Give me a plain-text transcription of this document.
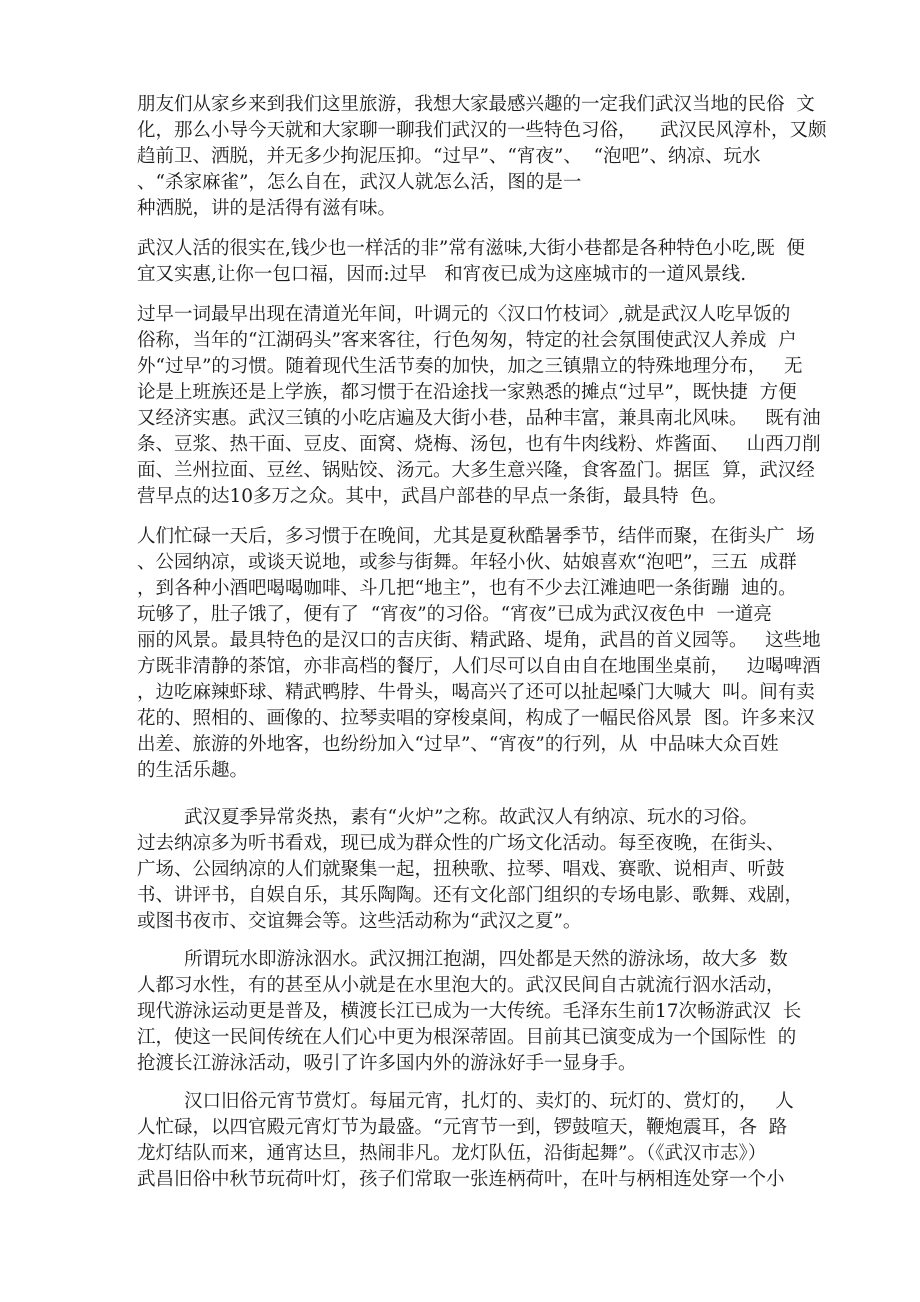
朋友们从家乡来到我们这里旅游，我想大家最感兴趣的一定我们武汉当地的民俗  文
化，那么小导今天就和大家聊一聊我们武汉的一些特色习俗，    武汉民风淳朴，又颇
趋前卫、洒脱，并无多少拘泥压抑。“过早”、“宵夜”、  “泡吧”、纳凉、玩水
、“杀家麻雀”，怎么自在，武汉人就怎么活，图的是一
种洒脱，讲的是活得有滋有味。
武汉人活的很实在,钱少也一样活的非”常有滋味,大街小巷都是各种特色小吃,既  便
宜又实惠,让你一包口福，因而:过早   和宵夜已成为这座城市的一道风景线.
过早一词最早出现在清道光年间，叶调元的〈汉口竹枝词〉,就是武汉人吃早饭的
俗称，当年的“江湖码头”客来客往，行色匆匆，特定的社会氛围使武汉人养成  户
外“过早”的习惯。随着现代生活节奏的加快，加之三镇鼎立的特殊地理分布，   无
论是上班族还是上学族，都习惯于在沿途找一家熟悉的摊点“过早”，既快捷  方便
又经济实惠。武汉三镇的小吃店遍及大街小巷，品种丰富，兼具南北风味。   既有油
条、豆浆、热干面、豆皮、面窝、烧梅、汤包，也有牛肉线粉、炸酱面、   山西刀削
面、兰州拉面、豆丝、锅贴饺、汤元。大多生意兴隆，食客盈门。据匡  算，武汉经
营早点的达10多万之众。其中，武昌户部巷的早点一条街，最具特  色。
人们忙碌一天后，多习惯于在晚间，尤其是夏秋酷暑季节，结伴而聚，在街头广  场
、公园纳凉，或谈天说地，或参与街舞。年轻小伙、姑娘喜欢“泡吧”，三五  成群
，到各种小酒吧喝喝咖啡、斗几把“地主”，也有不少去江滩迪吧一条街蹦  迪的。
玩够了，肚子饿了，便有了  “宵夜”的习俗。“宵夜”已成为武汉夜色中  一道亮
丽的风景。最具特色的是汉口的吉庆街、精武路、堤角，武昌的首义园等。   这些地
方既非清静的茶馆，亦非高档的餐厅，人们尽可以自由自在地围坐桌前，   边喝啤酒
，边吃麻辣虾球、精武鸭脖、牛骨头，喝高兴了还可以扯起嗓门大喊大  叫。间有卖
花的、照相的、画像的、拉琴卖唱的穿梭桌间，构成了一幅民俗风景  图。许多来汉
出差、旅游的外地客，也纷纷加入“过早”、“宵夜”的行列，从  中品味大众百姓
的生活乐趣。
武汉夏季异常炎热，素有“火炉”之称。故武汉人有纳凉、玩水的习俗。
过去纳凉多为听书看戏，现已成为群众性的广场文化活动。每至夜晚，在街头、
广场、公园纳凉的人们就聚集一起，扭秧歌、拉琴、唱戏、赛歌、说相声、听鼓
书、讲评书，自娱自乐，其乐陶陶。还有文化部门组织的专场电影、歌舞、戏剧，
或图书夜市、交谊舞会等。这些活动称为“武汉之夏”。
所谓玩水即游泳泅水。武汉拥江抱湖，四处都是天然的游泳场，故大多  数
人都习水性，有的甚至从小就是在水里泡大的。武汉民间自古就流行泅水活动，
现代游泳运动更是普及，横渡长江已成为一大传统。毛泽东生前17次畅游武汉  长
江，使这一民间传统在人们心中更为根深蒂固。目前其已演变成为一个国际性  的
抢渡长江游泳活动，吸引了许多国内外的游泳好手一显身手。
汉口旧俗元宵节赏灯。每届元宵，扎灯的、卖灯的、玩灯的、赏灯的，   人
人忙碌，以四官殿元宵灯节为最盛。“元宵节一到，锣鼓喧天，鞭炮震耳，各  路
龙灯结队而来，通宵达旦，热闹非凡。龙灯队伍，沿街起舞”。（《武汉市志》）
武昌旧俗中秋节玩荷叶灯，孩子们常取一张连柄荷叶，在叶与柄相连处穿一个小
